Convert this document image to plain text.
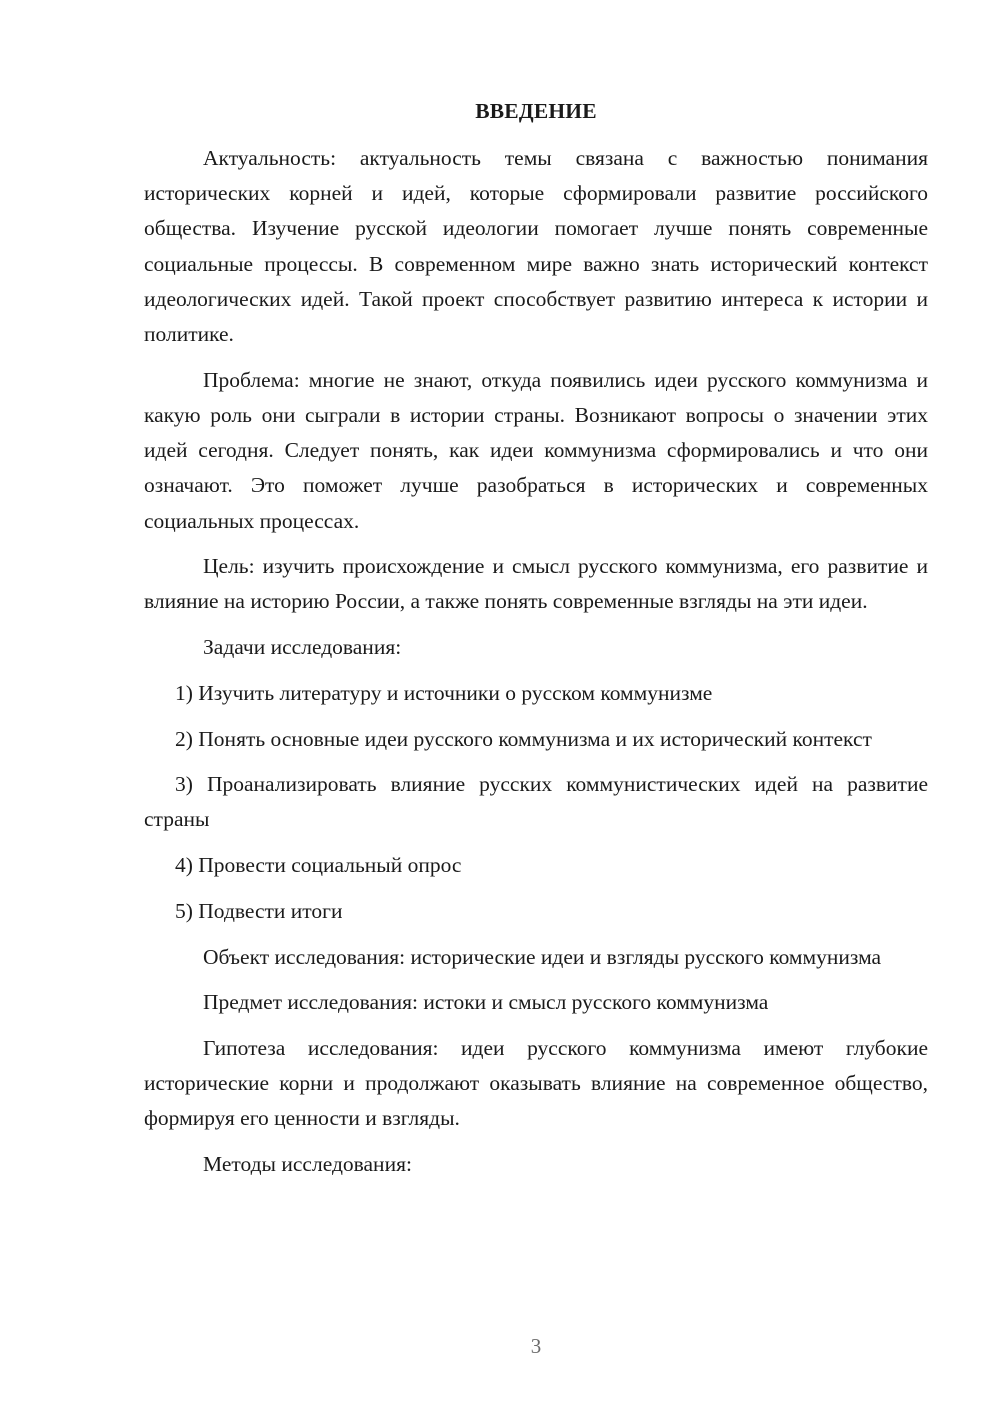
ВВЕДЕНИЕ

Актуальность: актуальность темы связана с важностью понимания исторических корней и идей, которые сформировали развитие российского общества. Изучение русской идеологии помогает лучше понять современные социальные процессы. В современном мире важно знать исторический контекст идеологических идей. Такой проект способствует развитию интереса к истории и политике.

Проблема: многие не знают, откуда появились идеи русского коммунизма и какую роль они сыграли в истории страны. Возникают вопросы о значении этих идей сегодня. Следует понять, как идеи коммунизма сформировались и что они означают. Это поможет лучше разобраться в исторических и современных социальных процессах.

Цель: изучить происхождение и смысл русского коммунизма, его развитие и влияние на историю России, а также понять современные взгляды на эти идеи.

Задачи исследования:

1) Изучить литературу и источники о русском коммунизме

2) Понять основные идеи русского коммунизма и их исторический контекст

3) Проанализировать влияние русских коммунистических идей на развитие страны

4) Провести социальный опрос

5) Подвести итоги

Объект исследования: исторические идеи и взгляды русского коммунизма

Предмет исследования: истоки и смысл русского коммунизма

Гипотеза исследования: идеи русского коммунизма имеют глубокие исторические корни и продолжают оказывать влияние на современное общество, формируя его ценности и взгляды.

Методы исследования:

3
